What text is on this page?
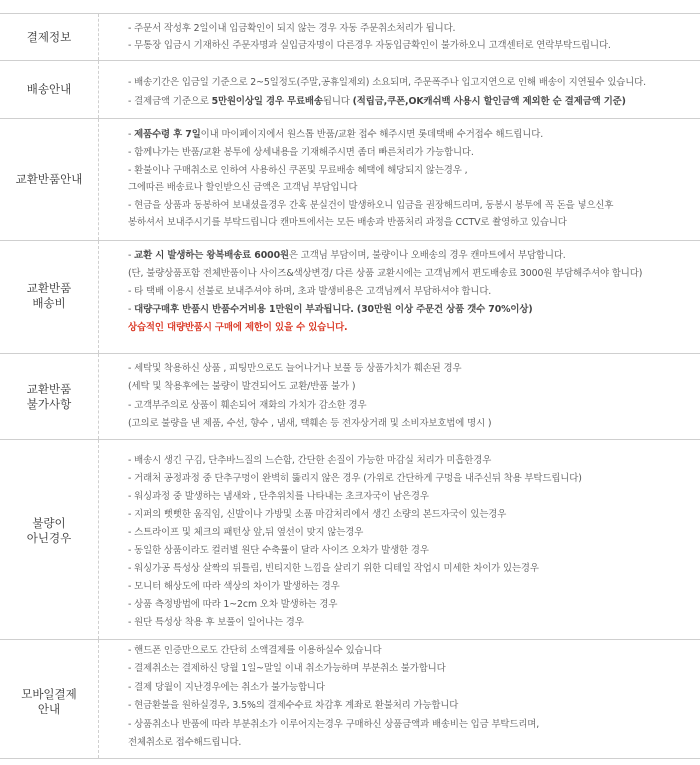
결제정보
- 주문서 작성후 2일이내 입금확인이 되지 않는 경우 자동 주문취소처리가 됩니다.
- 무통장 입금시 기재하신 주문자명과 실입금자명이 다른경우 자동입금확인이 불가하오니 고객센터로 연락부탁드립니다.
배송안내	- 배송기간은 입금일 기준으로 2~5일정도(주말,공휴일제외) 소요되며, 주문폭주나 입고지연으로 인해 배송이 지연될수 있습니다.
- 결제금액 기준으로 5만원이상일 경우 무료배송됩니다 (적립금,쿠폰,OK캐쉬백 사용시 할인금액 제외한 순 결제금액 기준)
교환반품안내
- 제품수령 후 7일이내 마이페이지에서 원스톱 반품/교환 접수 해주시면 롯데택배 수거접수 해드립니다.
- 함께나가는 반품/교환 봉투에 상세내용을 기재해주시면 좀더 빠른처리가 가능합니다.
- 환불이나 구매취소로 인하여 사용하신 쿠폰및 무료배송 혜택에 해당되지 않는경우 ,
그에따른 배송료나 할인받으신 금액은 고객님 부담입니다
- 현금을 상품과 동봉하여 보내셨을경우 간혹 분실건이 발생하오니 입금을 권장해드리며, 동봉시 봉투에 꼭 돈을 넣으신후
봉하셔서 보내주시기를 부탁드립니다 캔마트에서는 모든 배송과 반품처리 과정을 CCTV로 촬영하고 있습니다
교환반품
배송비
- 교환 시 발생하는 왕복배송료 6000원은 고객님 부담이며, 불량이나 오배송의 경우 캔마트에서 부담합니다.
(단, 불량상품포함 전체반품이나 사이즈&색상변경/ 다른 상품 교환시에는 고객님께서 편도배송료 3000원 부담해주셔야 합니다)
- 타 택배 이용시 선불로 보내주셔야 하며, 초과 발생비용은 고객님께서 부담하셔야 합니다.
- 대량구매후 반품시 반품수거비용 1만원이 부과됩니다. (30만원 이상 주문건 상품 갯수 70%이상)
상습적인 대량반품시 구매에 제한이 있을 수 있습니다.
교환반품
불가사항
- 세탁및 착용하신 상품 , 피팅만으로도 늘어나거나 보풀 등 상품가치가 훼손된 경우
(세탁 및 착용후에는 불량이 발견되어도 교환/반품 불가 )
- 고객부주의로 상품이 훼손되어 재화의 가치가 감소한 경우
(고의로 불량을 낸 제품, 수선, 향수 , 냄새, 택훼손 등 전자상거래 및 소비자보호법에 명시 )
불량이
아닌경우
- 배송시 생긴 구김, 단추바느질의 느슨함, 간단한 손질이 가능한 마감실 처리가 미흡한경우
- 거래처 공정과정 중 단추구멍이 완벽히 뚫리지 않은 경우 (가위로 간단하게 구멍을 내주신뒤 착용 부탁드립니다)
- 워싱과정 중 발생하는 냄새와 , 단추위치를 나타내는 초크자국이 남은경우
- 지퍼의 뻣뻣한 움직임, 신발이나 가방및 소품 마감처리에서 생긴 소량의 본드자국이 있는경우
- 스트라이프 및 체크의 패턴상 앞,뒤 옆선이 맞지 않는경우
- 동일한 상품이라도 컬러별 원단 수축률이 달라 사이즈 오차가 발생한 경우
- 워싱가공 특성상 살짝의 뒤틀림, 빈티지한 느낌을 살리기 위한 디테일 작업시 미세한 차이가 있는경우
- 모니터 해상도에 따라 색상의 차이가 발생하는 경우
- 상품 측정방법에 따라 1~2cm 오차 발생하는 경우
- 원단 특성상 착용 후 보풀이 일어나는 경우
모바일결제
안내
- 핸드폰 인증만으로도 간단히 소액결제를 이용하실수 있습니다
- 결제취소는 결제하신 당월 1일~말일 이내 취소가능하며 부분취소 불가합니다
- 결제 당월이 지난경우에는 취소가 불가능합니다
- 현금환불을 원하실경우, 3.5%의 결제수수료 차감후 계좌로 환불처리 가능합니다
- 상품취소나 반품에 따라 부분취소가 이루어지는경우 구매하신 상품금액과 배송비는 입금 부탁드리며,
전체취소로 접수해드립니다.
